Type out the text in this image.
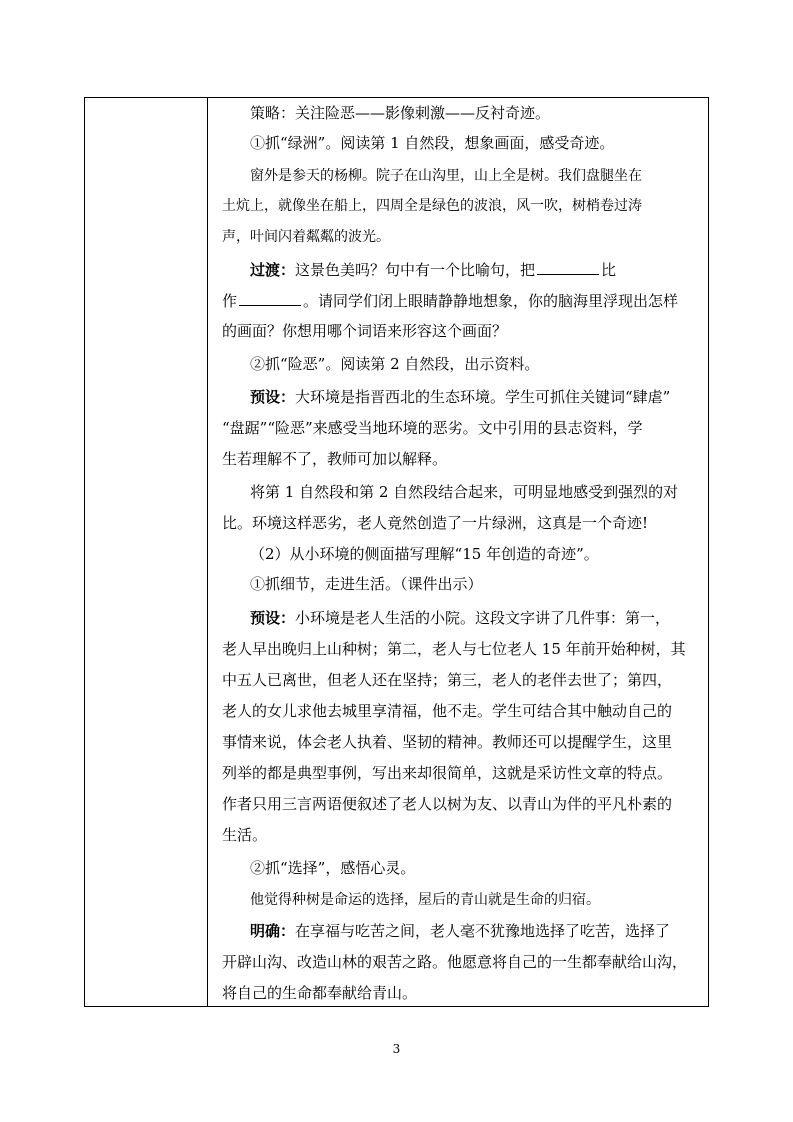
策略：关注险恶——影像刺激——反衬奇迹。
①抓“绿洲”。阅读第 1 自然段，想象画面，感受奇迹。
窗外是参天的杨柳。院子在山沟里，山上全是树。我们盘腿坐在
土炕上，就像坐在船上，四周全是绿色的波浪，风一吹，树梢卷过涛
声，叶间闪着粼粼的波光。
过渡：这景色美吗？句中有一个比喻句，把	比
作	。请同学们闭上眼睛静静地想象，你的脑海里浮现出怎样
的画面？你想用哪个词语来形容这个画面？
②抓“险恶”。阅读第 2 自然段，出示资料。
预设：大环境是指晋西北的生态环境。学生可抓住关键词“肆虐”
“盘踞”“险恶”来感受当地环境的恶劣。文中引用的县志资料，学
生若理解不了，教师可加以解释。
将第 1 自然段和第 2 自然段结合起来，可明显地感受到强烈的对
比。环境这样恶劣，老人竟然创造了一片绿洲，这真是一个奇迹!
（2）从小环境的侧面描写理解“15 年创造的奇迹”。
①抓细节，走进生活。（课件出示）
预设：小环境是老人生活的小院。这段文字讲了几件事：第一，
老人早出晚归上山种树；第二，老人与七位老人 15 年前开始种树，其
中五人已离世，但老人还在坚持；第三，老人的老伴去世了；第四，
老人的女儿求他去城里享清福，他不走。学生可结合其中触动自己的
事情来说，体会老人执着、坚韧的精神。教师还可以提醒学生，这里
列举的都是典型事例，写出来却很简单，这就是采访性文章的特点。
作者只用三言两语便叙述了老人以树为友、以青山为伴的平凡朴素的
生活。
②抓“选择”，感悟心灵。
他觉得种树是命运的选择，屋后的青山就是生命的归宿。
明确：在享福与吃苦之间，老人毫不犹豫地选择了吃苦，选择了
开辟山沟、改造山林的艰苦之路。他愿意将自己的一生都奉献给山沟，
将自己的生命都奉献给青山。
3
